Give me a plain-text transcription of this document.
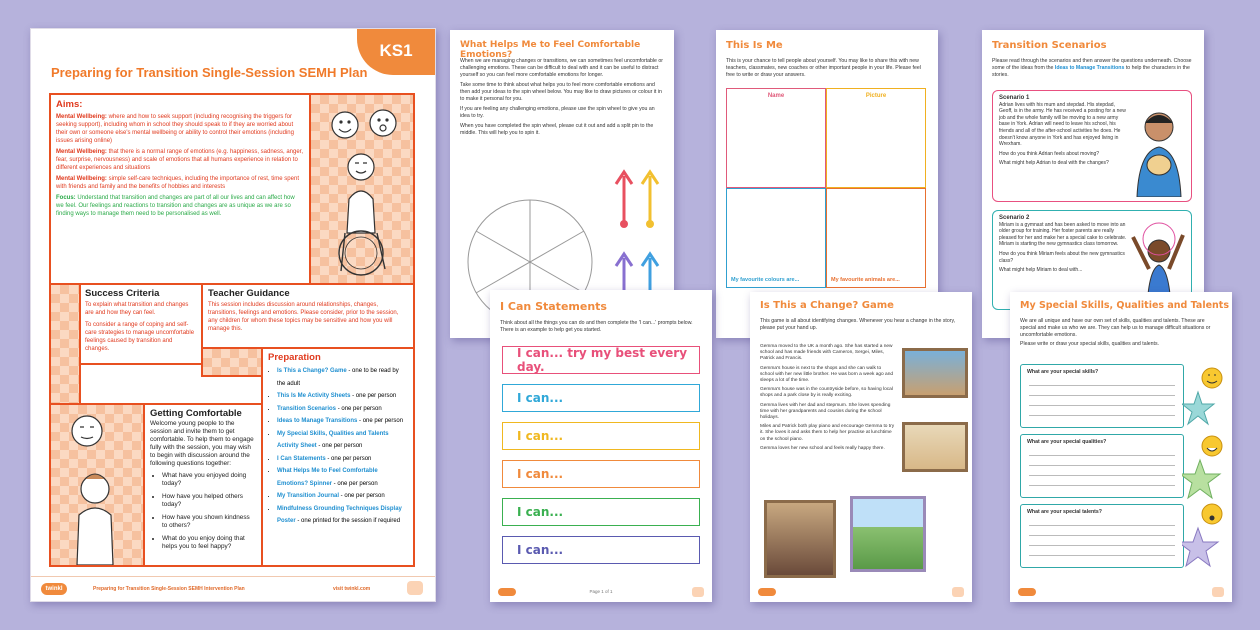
KS1
Preparing for Transition Single-Session SEMH Plan
Aims:
Mental Wellbeing: where and how to seek support (including recognising the triggers for seeking support), including whom in school they should speak to if they are worried about their own or someone else's mental wellbeing or ability to control their emotions (including issues arising online)
Mental Wellbeing: that there is a normal range of emotions (e.g. happiness, sadness, anger, fear, surprise, nervousness) and scale of emotions that all humans experience in relation to different experiences and situations
Mental Wellbeing: simple self-care techniques, including the importance of rest, time spent with friends and family and the benefits of hobbies and interests
Focus: Understand that transition and changes are part of all our lives and can affect how we feel. Our feelings and reactions to transition and changes are as unique as we are so finding ways to manage them need to be personalised as well.
Success Criteria
To explain what transition and changes are and how they can feel.
To consider a range of coping and self-care strategies to manage uncomfortable feelings caused by transition and changes.
Teacher Guidance
This session includes discussion around relationships, changes, transitions, feelings and emotions. Please consider, prior to the session, any children for whom these topics may be sensitive and how you will manage this.
Preparation
• Is This a Change? Game - one to be read by the adult
• This Is Me Activity Sheets - one per person
• Transition Scenarios - one per person
• Ideas to Manage Transitions - one per person
• My Special Skills, Qualities and Talents Activity Sheet - one per person
• I Can Statements - one per person
• What Helps Me to Feel Comfortable Emotions? Spinner - one per person
• My Transition Journal - one per person
• Mindfulness Grounding Techniques Display Poster - one printed for the session if required
Getting Comfortable
Welcome young people to the session and invite them to get comfortable. To help them to engage fully with the session, you may wish to begin with discussion around the following questions together:
• What have you enjoyed doing today?
• How have you helped others today?
• How have you shown kindness to others?
• What do you enjoy doing that helps you to feel happy?
twinkl	Preparing for Transition Single-Session SEMH Intervention Plan	visit twinkl.com
What Helps Me to Feel Comfortable Emotions?
When we are managing changes or transitions, we can sometimes feel uncomfortable or challenging emotions. These can be difficult to deal with and it can be useful to distract yourself so you can feel more comfortable emotions for longer.
Take some time to think about what helps you to feel more comfortable emotions and then add your ideas to the spin wheel below. You may like to draw pictures or colour it in to make it personal for you.
If you are feeling any challenging emotions, please use the spin wheel to give you an idea to try.
When you have completed the spin wheel, please cut it out and add a split pin to the middle. This will help you to spin it.
This Is Me
This is your chance to tell people about yourself. You may like to share this with new teachers, classmates, new coaches or other important people in your life. Please feel free to write or draw your answers.
Name	Picture
My favourite colours are...	My favourite animals are...
Transition Scenarios
Please read through the scenarios and then answer the questions underneath. Choose some of the ideas from the Ideas to Manage Transitions to help the characters in the stories.
Scenario 1
Adrian lives with his mum and stepdad. His stepdad, Geoff, is in the army. He has received a posting for a new job and the whole family will be moving to a new army base in York. Adrian will need to leave his school, his friends and all of the after-school activities he does. He doesn't know anyone in York and has enjoyed living in Wrexham.
How do you think Adrian feels about moving?
What might help Adrian to deal with the changes?
Scenario 2
Miriam is a gymnast and has been asked to move into an older group for training. Her foster parents are really pleased for her and make her a special cake to celebrate. Miriam is starting the new gymnastics class tomorrow.
How do you think Miriam feels about the new gymnastics class?
What might help Miriam to deal with...
I Can Statements
Think about all the things you can do and then complete the 'I can...' prompts below. There is an example to help get you started.
I can... try my best every day.
I can...
I can...
I can...
I can...
I can...
Page 1 of 1
Is This a Change? Game
This game is all about identifying changes. Whenever you hear a change in the story, please put your hand up.
Gemma moved to the UK a month ago. She has started a new school and has made friends with Cameron, Sergei, Miles, Patrick and Francis.
Gemma's house is next to the shops and she can walk to school with her new little brother. He was born a week ago and sleeps a lot of the time.
Gemma's house was in the countryside before, so having local shops and a park close by is really exciting.
Gemma lives with her dad and stepmum. She loves spending time with her grandparents and cousins during the school holidays.
Miles and Patrick both play piano and encourage Gemma to try it. She loves it and asks them to help her practise at lunchtime on the school piano.
Gemma loves her new school and feels really happy there.
My Special Skills, Qualities and Talents
We are all unique and have our own set of skills, qualities and talents. These are special and make us who we are. They can help us to manage difficult situations or uncomfortable emotions.
Please write or draw your special skills, qualities and talents.
What are your special skills?
What are your special qualities?
What are your special talents?
